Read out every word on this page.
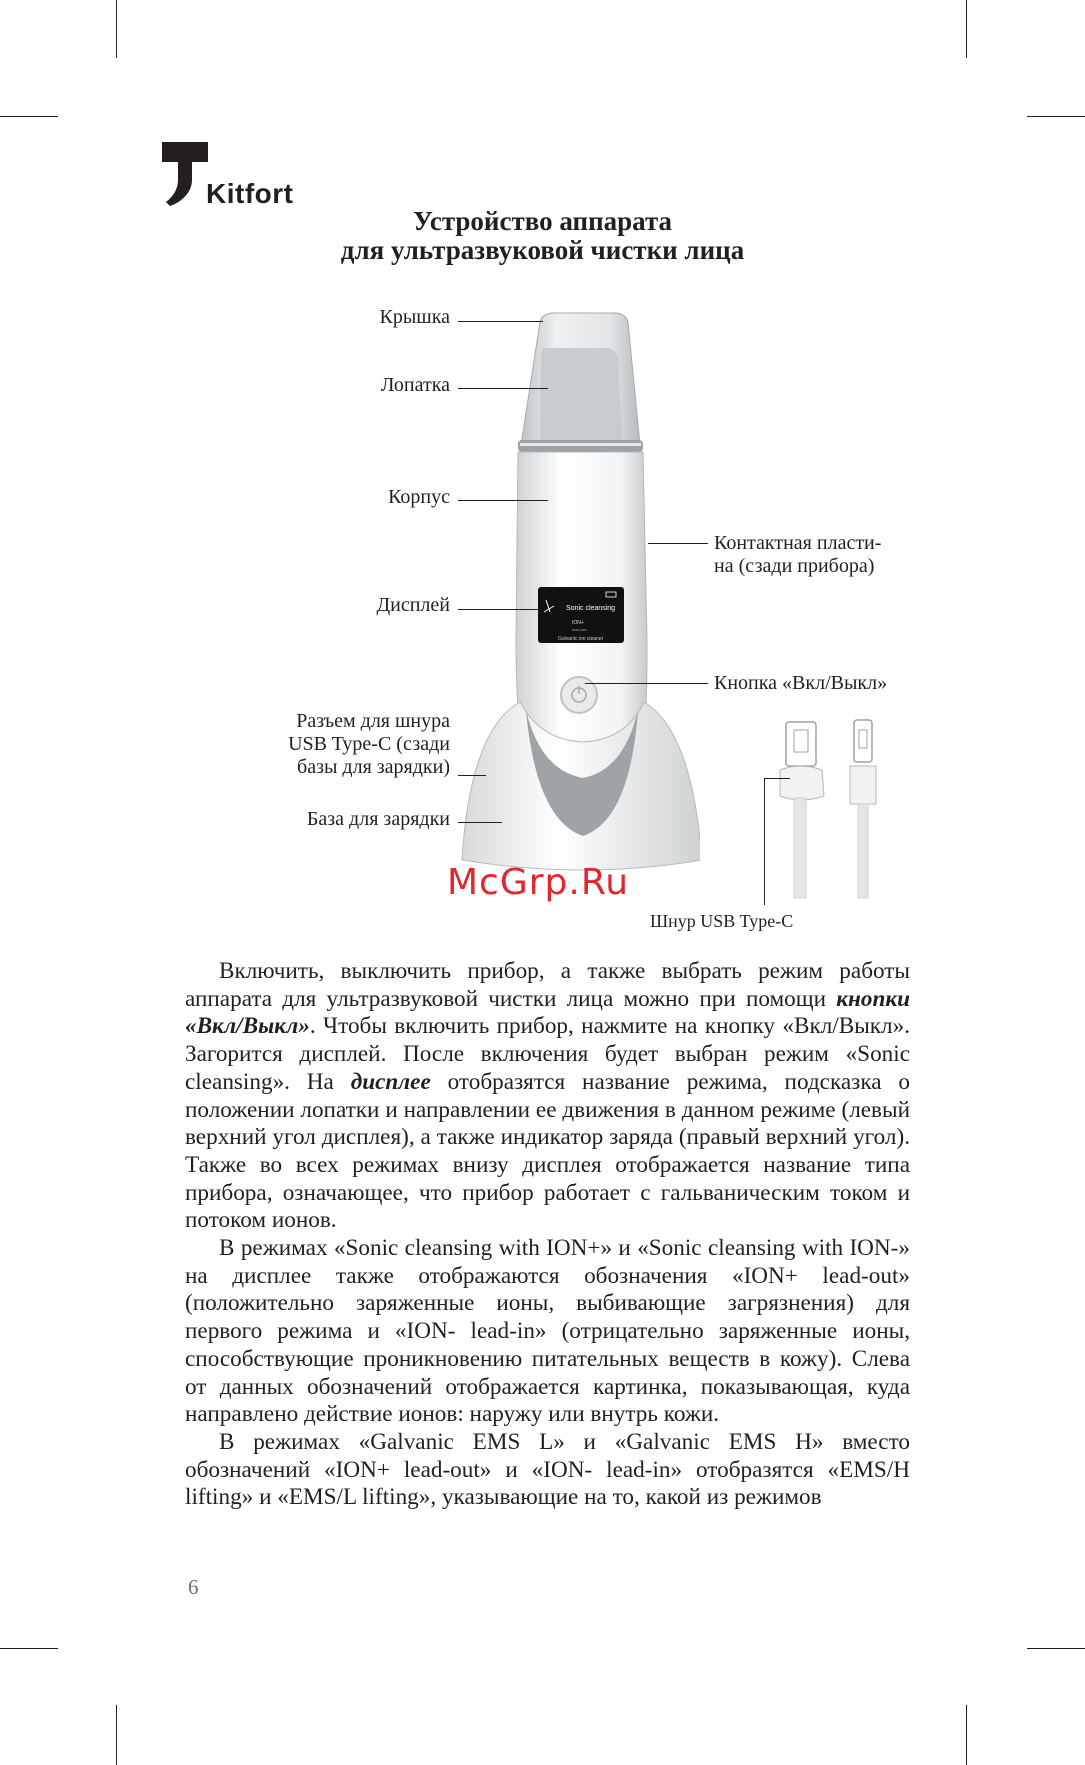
Kitfort
Устройство аппарата
для ультразвуковой чистки лица
Sonic cleansing
ION+
lead-out
Galvanic ion cleaner
Крышка
Лопатка
Корпус
Контактная пласти-
на (сзади прибора)
Дисплей
Кнопка «Вкл/Выкл»
Разъем для шнура
USB Type-C (сзади
базы для зарядки)
База для зарядки
Шнур USB Type-C
McGrp.Ru

Включить, выключить прибор, а также выбрать режим работы аппарата для ультразвуковой чистки лица можно при помощи кнопки «Вкл/Выкл». Чтобы включить прибор, нажмите на кнопку «Вкл/Выкл». Загорится дисплей. После включения будет выбран режим «Sonic cleansing». На дисплее отобразятся название режима, подсказка о положении лопатки и направлении ее движения в данном режиме (левый верхний угол дисплея), а также индикатор заряда (правый верхний угол). Также во всех режимах внизу дисплея отображается название типа прибора, означающее, что прибор работает с гальваническим током и потоком ионов.

В режимах «Sonic cleansing with ION+» и «Sonic cleansing with ION-» на дисплее также отображаются обозначения «ION+ lead-out» (положительно заряженные ионы, выбивающие загрязнения) для первого режима и «ION- lead-in» (отрицательно заряженные ионы, способствующие проникновению питательных веществ в кожу). Слева от данных обозначений отображается картинка, показывающая, куда направлено действие ионов: наружу или внутрь кожи.

В режимах «Galvanic EMS L» и «Galvanic EMS H» вместо обозначений «ION+ lead-out» и «ION- lead-in» отобразятся «EMS/H lifting» и «EMS/L lifting», указывающие на то, какой из режимов

6
